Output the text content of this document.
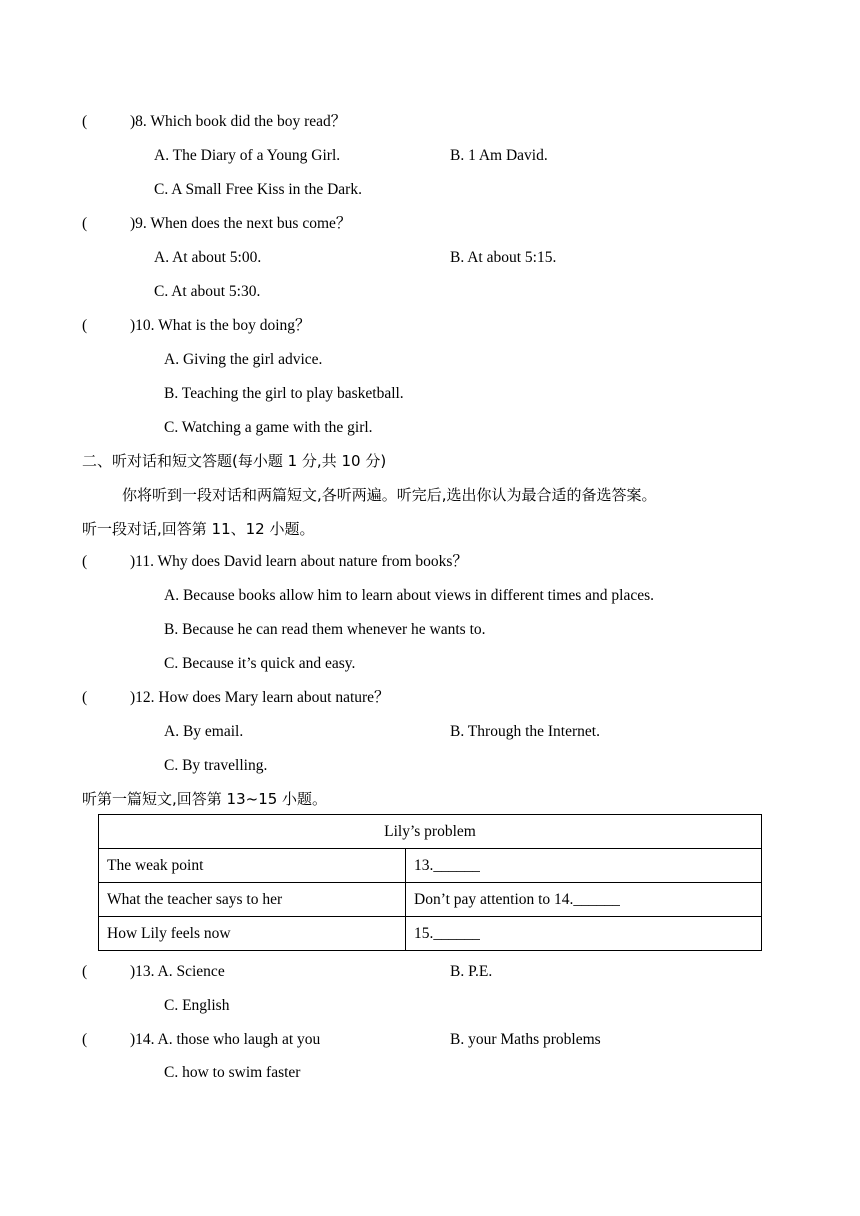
(	)8. Which book did the boy read？
A. The Diary of a Young Girl.	B. 1 Am David.
C. A Small Free Kiss in the Dark.
(	)9. When does the next bus come？
A. At about 5:00.	B. At about 5:15.
C. At about 5:30.
(	)10. What is the boy doing？
A. Giving the girl advice.
B. Teaching the girl to play basketball.
C. Watching a game with the girl.
二、听对话和短文答题(每小题 1 分,共 10 分)
你将听到一段对话和两篇短文,各听两遍。听完后,选出你认为最合适的备选答案。
听一段对话,回答第 11、12 小题。
(	)11. Why does David learn about nature from books？
A. Because books allow him to learn about views in different times and places.
B. Because he can read them whenever he wants to.
C. Because it’s quick and easy.
(	)12. How does Mary learn about nature？
A. By email.	B. Through the Internet.
C. By travelling.
听第一篇短文,回答第 13~15 小题。
Lily’s problem	
The weak point	13.______
What the teacher says to her	Don’t pay attention to 14.______
How Lily feels now	15.______
(	)13. A. Science	B. P.E.
C. English
(	)14. A. those who laugh at you	B. your Maths problems
C. how to swim faster
